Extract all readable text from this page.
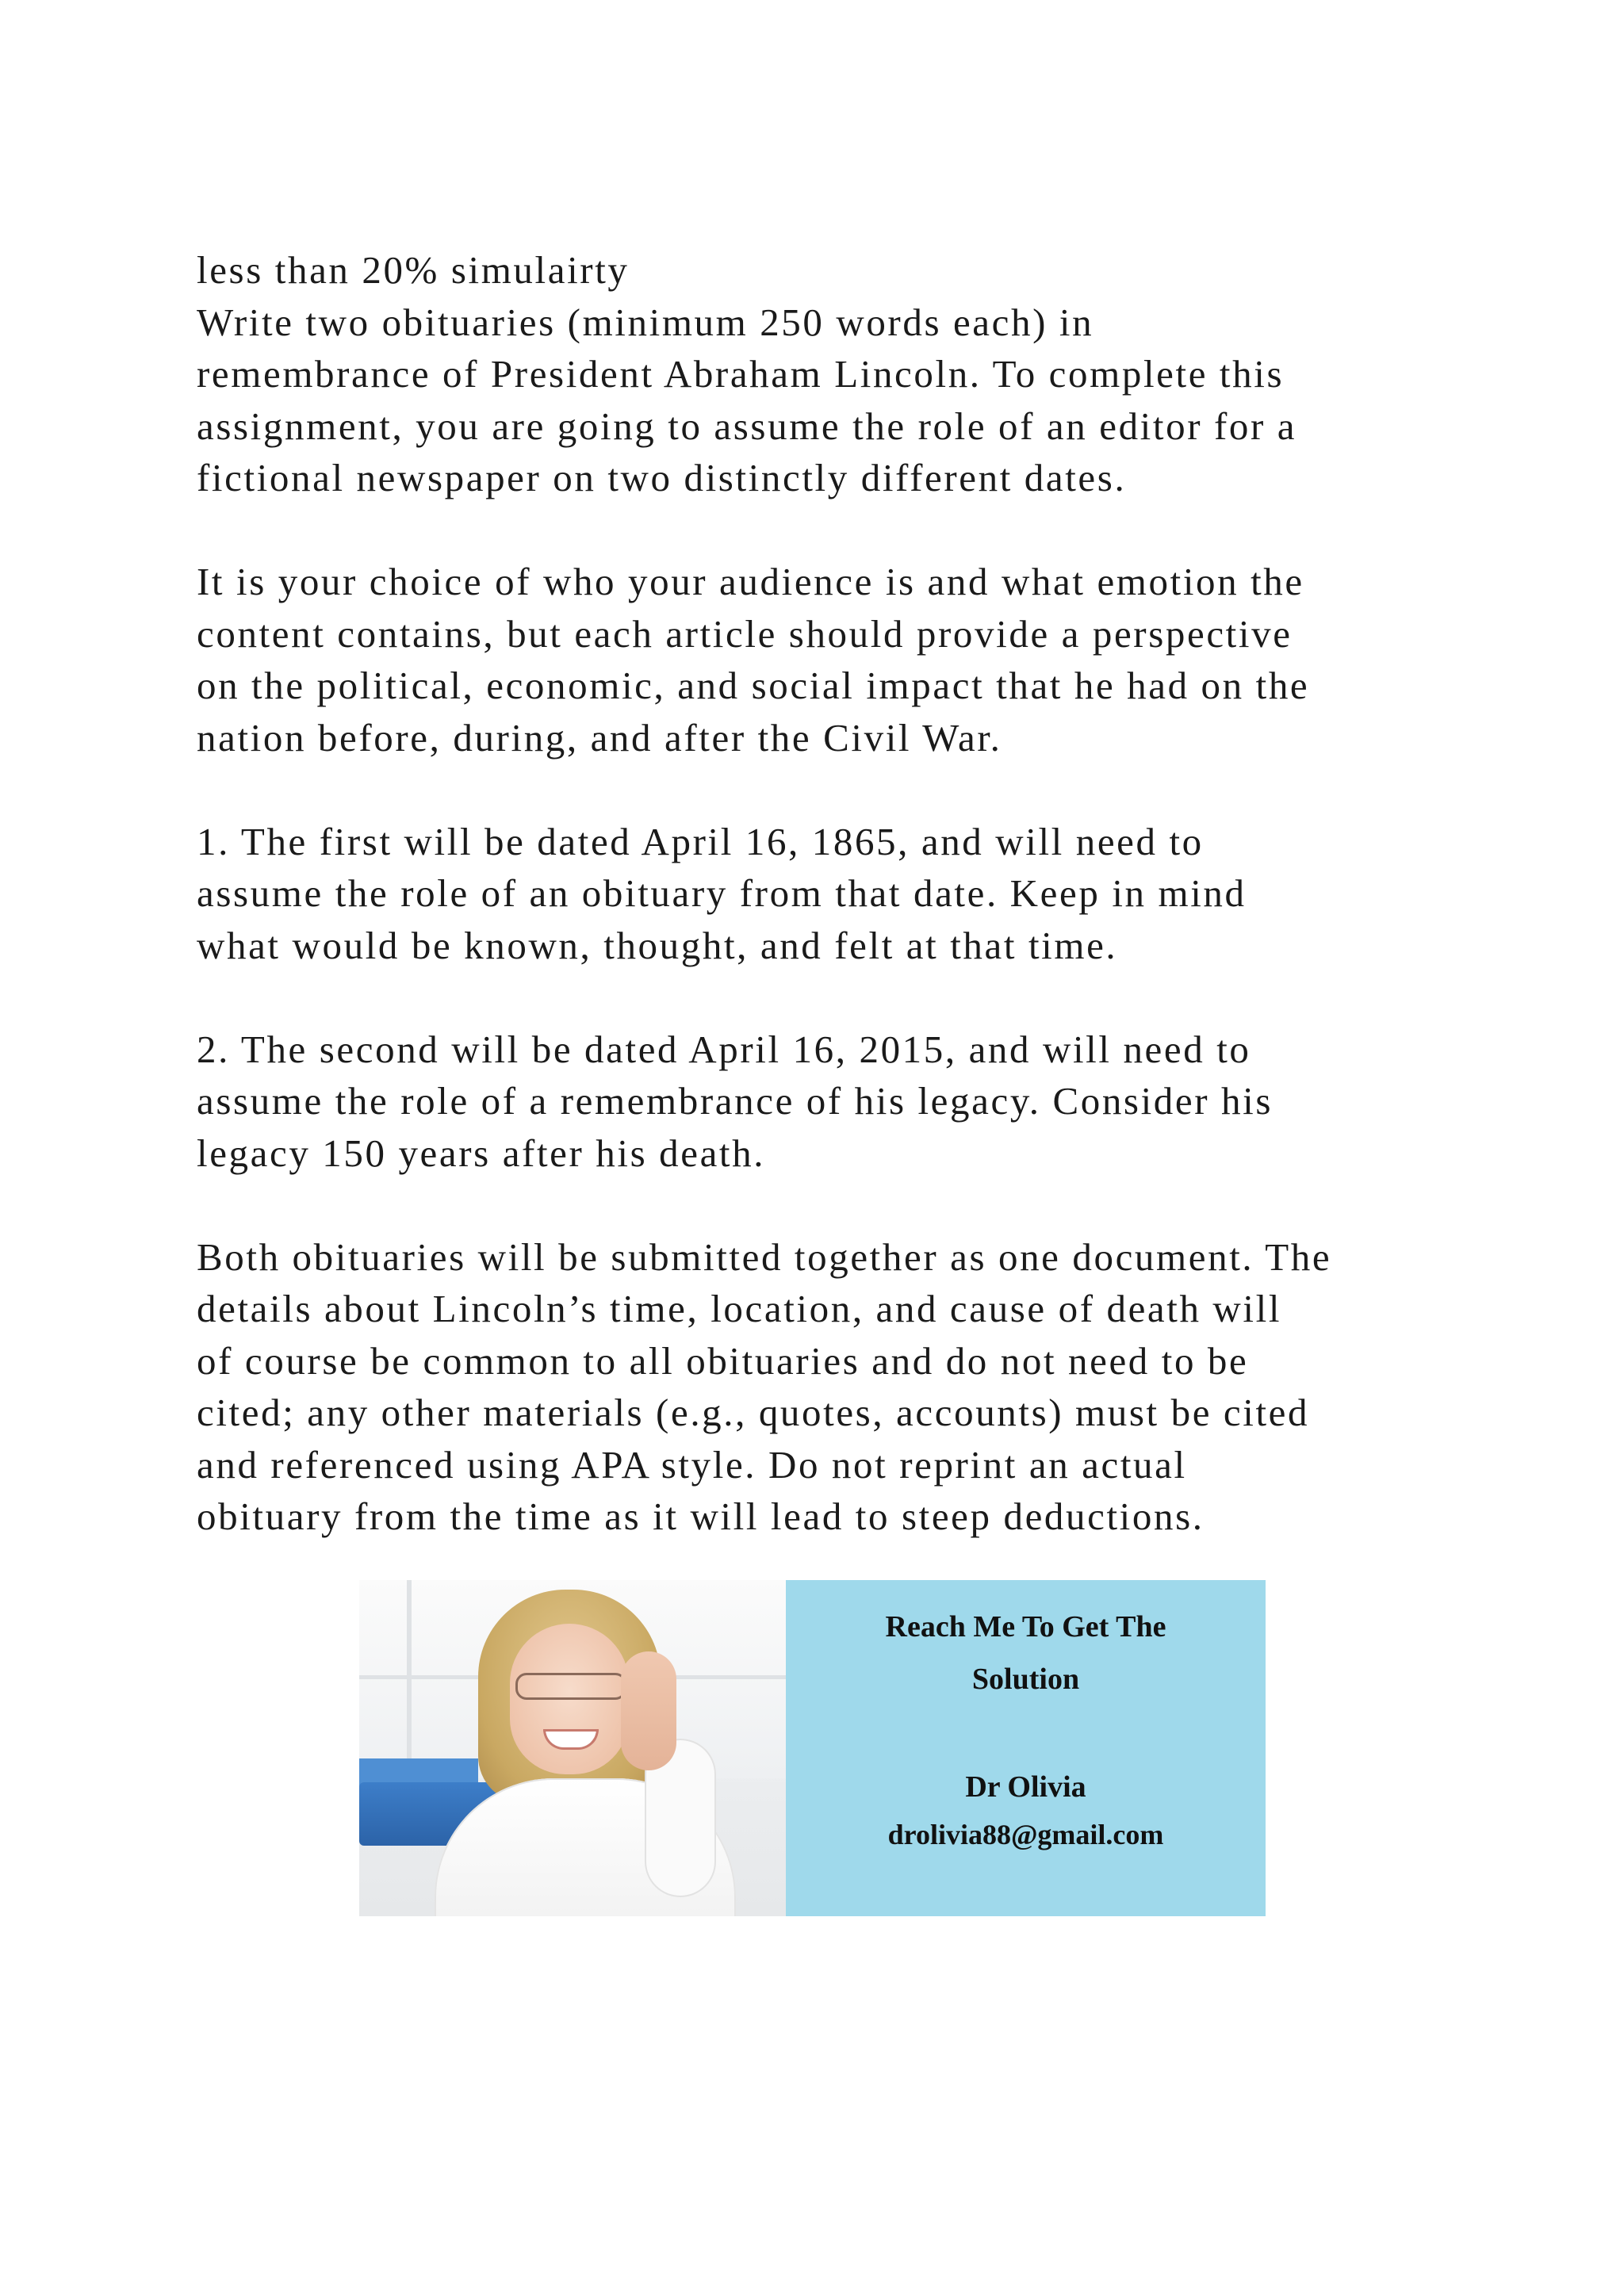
less than 20% simulairty
Write two obituaries (minimum 250 words each) in
remembrance of President Abraham Lincoln. To complete this
assignment, you are going to assume the role of an editor for a
fictional newspaper on two distinctly different dates.
It is your choice of who your audience is and what emotion the
content contains, but each article should provide a perspective
on the political, economic, and social impact that he had on the
nation before, during, and after the Civil War.
1. The first will be dated April 16, 1865, and will need to
assume the role of an obituary from that date. Keep in mind
what would be known, thought, and felt at that time.
2. The second will be dated April 16, 2015, and will need to
assume the role of a remembrance of his legacy. Consider his
legacy 150 years after his death.
Both obituaries will be submitted together as one document. The
details about Lincoln’s time, location, and cause of death will
of course be common to all obituaries and do not need to be
cited; any other materials (e.g., quotes, accounts) must be cited
and referenced using APA style. Do not reprint an actual
obituary from the time as it will lead to steep deductions.
Reach Me To Get The
Solution
Dr Olivia
drolivia88@gmail.com
